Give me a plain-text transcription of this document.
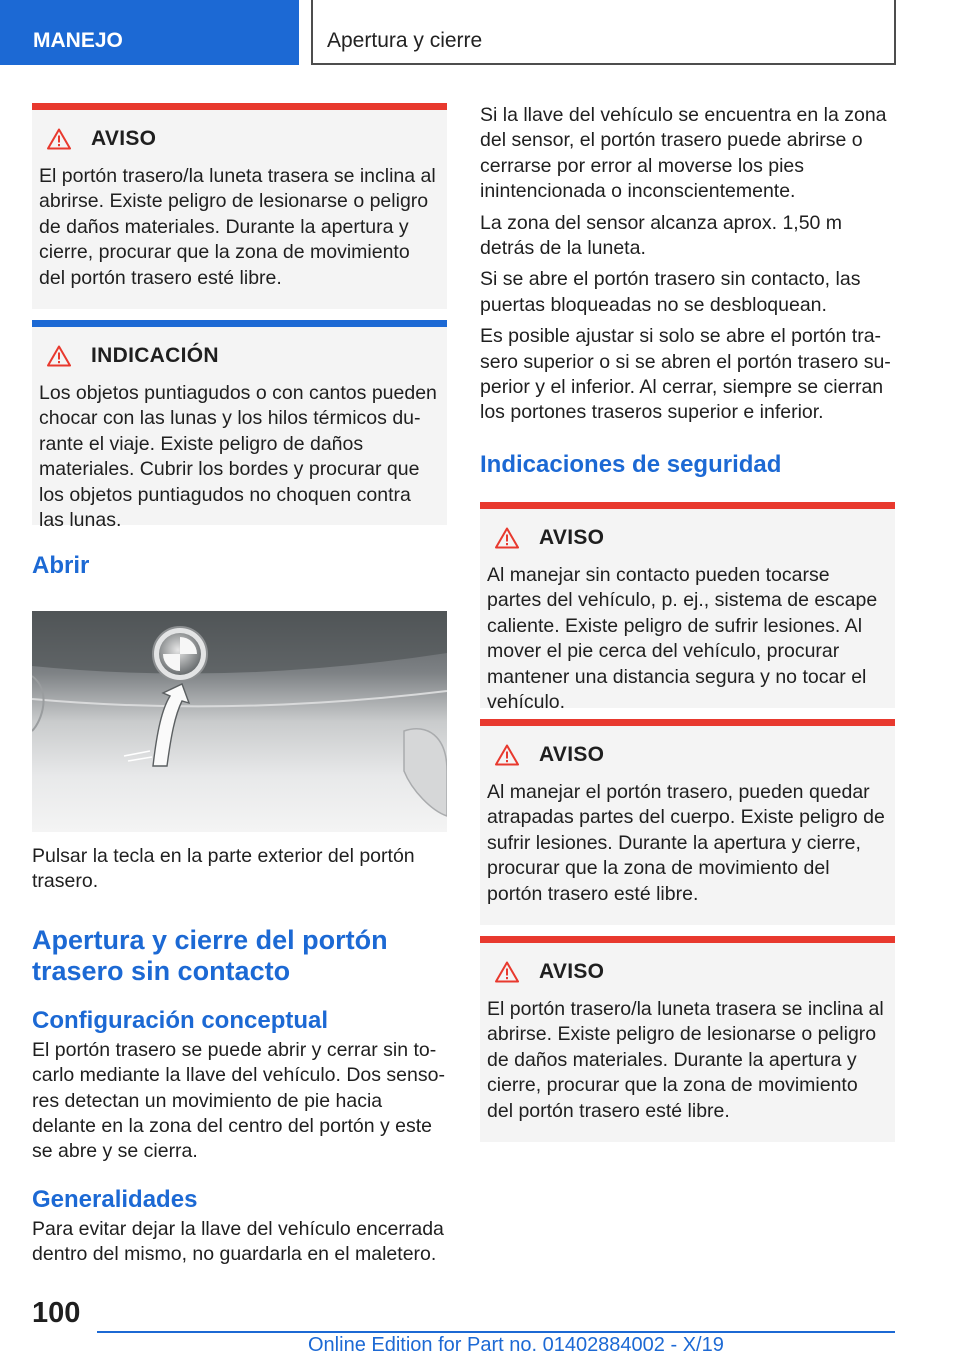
MANEJO	Apertura y cierre
AVISO

El portón trasero/la luneta trasera se inclina al abrirse. Existe peligro de lesionarse o peligro de daños materiales. Durante la apertura y cierre, procurar que la zona de movimiento del portón trasero esté libre.

INDICACIÓN

Los objetos puntiagudos o con cantos pueden chocar con las lunas y los hilos térmicos durante el viaje. Existe peligro de daños materiales. Cubrir los bordes y procurar que los objetos puntiagudos no choquen contra las lunas.

Abrir

Pulsar la tecla en la parte exterior del portón trasero.

Apertura y cierre del portón trasero sin contacto
Configuración conceptual

El portón trasero se puede abrir y cerrar sin tocarlo mediante la llave del vehículo. Dos sensores detectan un movimiento de pie hacia delante en la zona del centro del portón y este se abre y se cierra.

Generalidades

Para evitar dejar la llave del vehículo encerrada dentro del mismo, no guardarla en el maletero.

Si la llave del vehículo se encuentra en la zona del sensor, el portón trasero puede abrirse o cerrarse por error al moverse los pies inintencionada o inconscientemente.

La zona del sensor alcanza aprox. 1,50 m detrás de la luneta.

Si se abre el portón trasero sin contacto, las puertas bloqueadas no se desbloquean.

Es posible ajustar si solo se abre el portón trasero superior o si se abren el portón trasero superior y el inferior. Al cerrar, siempre se cierran los portones traseros superior e inferior.

Indicaciones de seguridad
AVISO

Al manejar sin contacto pueden tocarse partes del vehículo, p. ej., sistema de escape caliente. Existe peligro de sufrir lesiones. Al mover el pie cerca del vehículo, procurar mantener una distancia segura y no tocar el vehículo.

AVISO

Al manejar el portón trasero, pueden quedar atrapadas partes del cuerpo. Existe peligro de sufrir lesiones. Durante la apertura y cierre, procurar que la zona de movimiento del portón trasero esté libre.

AVISO

El portón trasero/la luneta trasera se inclina al abrirse. Existe peligro de lesionarse o peligro de daños materiales. Durante la apertura y cierre, procurar que la zona de movimiento del portón trasero esté libre.

100
Online Edition for Part no. 01402884002 - X/19
